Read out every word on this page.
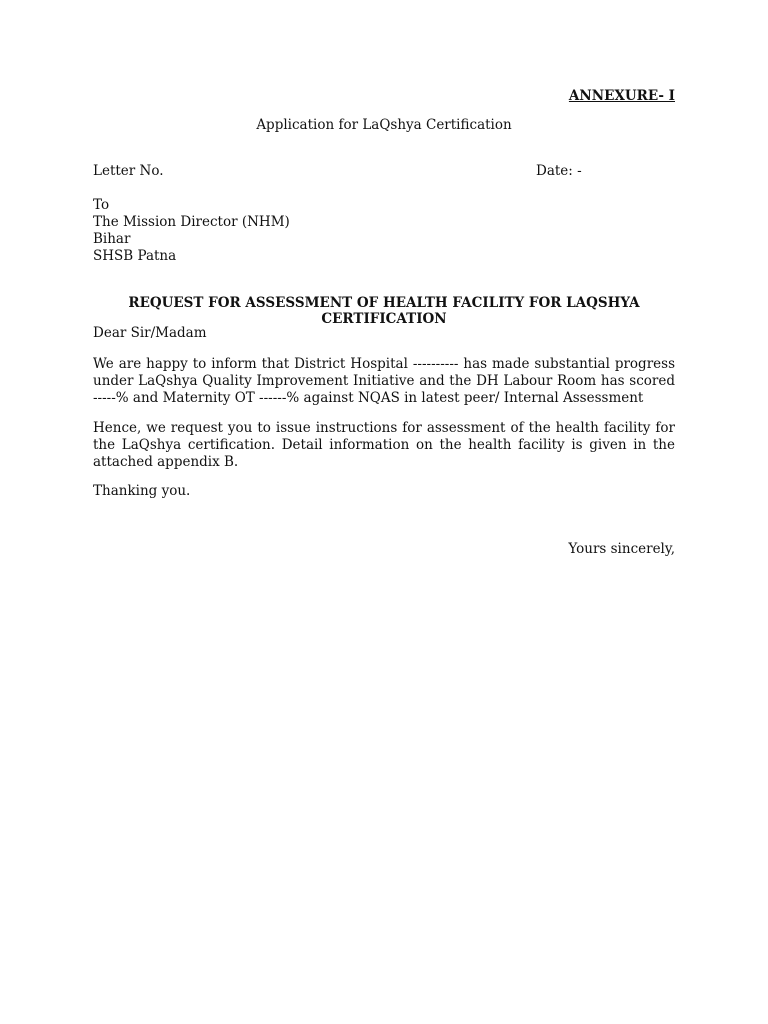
ANNEXURE- I
Application for LaQshya Certification
Letter No.	Date: -
To
The Mission Director (NHM)
Bihar
SHSB Patna
REQUEST FOR ASSESSMENT OF HEALTH FACILITY FOR LAQSHYA CERTIFICATION

Dear Sir/Madam

We are happy to inform that District Hospital ---------- has made substantial progress under LaQshya Quality Improvement Initiative and the DH Labour Room has scored -----% and Maternity OT ------% against NQAS in latest peer/ Internal Assessment

Hence, we request you to issue instructions for assessment of the health facility for the LaQshya certification. Detail information on the health facility is given in the attached appendix B.

Thanking you.

Yours sincerely,
